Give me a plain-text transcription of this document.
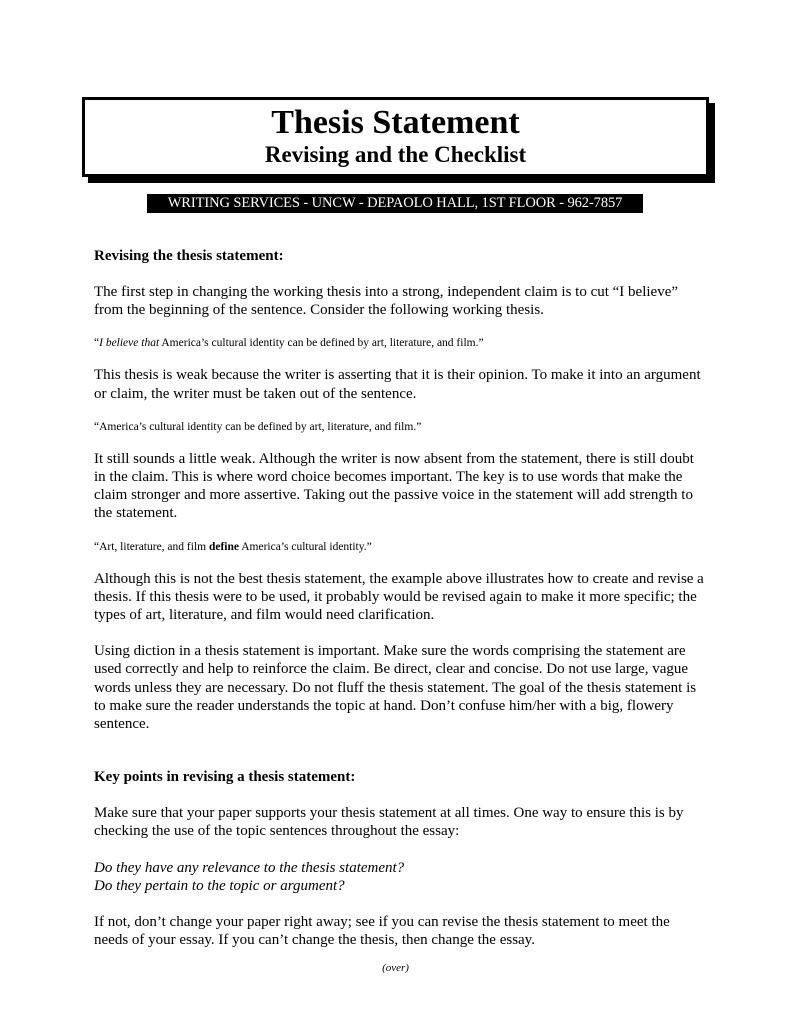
Thesis Statement
Revising and the Checklist
WRITING SERVICES - UNCW - DEPAOLO HALL, 1ST FLOOR - 962-7857

Revising the thesis statement:

The first step in changing the working thesis into a strong, independent claim is to cut “I believe” from the beginning of the sentence. Consider the following working thesis.

“I believe that America’s cultural identity can be defined by art, literature, and film.”

This thesis is weak because the writer is asserting that it is their opinion. To make it into an argument or claim, the writer must be taken out of the sentence.

“America’s cultural identity can be defined by art, literature, and film.”

It still sounds a little weak. Although the writer is now absent from the statement, there is still doubt in the claim. This is where word choice becomes important. The key is to use words that make the claim stronger and more assertive. Taking out the passive voice in the statement will add strength to the statement.

“Art, literature, and film define America’s cultural identity.”

Although this is not the best thesis statement, the example above illustrates how to create and revise a thesis. If this thesis were to be used, it probably would be revised again to make it more specific; the types of art, literature, and film would need clarification.

Using diction in a thesis statement is important. Make sure the words comprising the statement are used correctly and help to reinforce the claim. Be direct, clear and concise. Do not use large, vague words unless they are necessary. Do not fluff the thesis statement. The goal of the thesis statement is to make sure the reader understands the topic at hand. Don’t confuse him/her with a big, flowery sentence.

Key points in revising a thesis statement:

Make sure that your paper supports your thesis statement at all times. One way to ensure this is by checking the use of the topic sentences throughout the essay:

Do they have any relevance to the thesis statement?

Do they pertain to the topic or argument?

If not, don’t change your paper right away; see if you can revise the thesis statement to meet the needs of your essay. If you can’t change the thesis, then change the essay.

(over)
